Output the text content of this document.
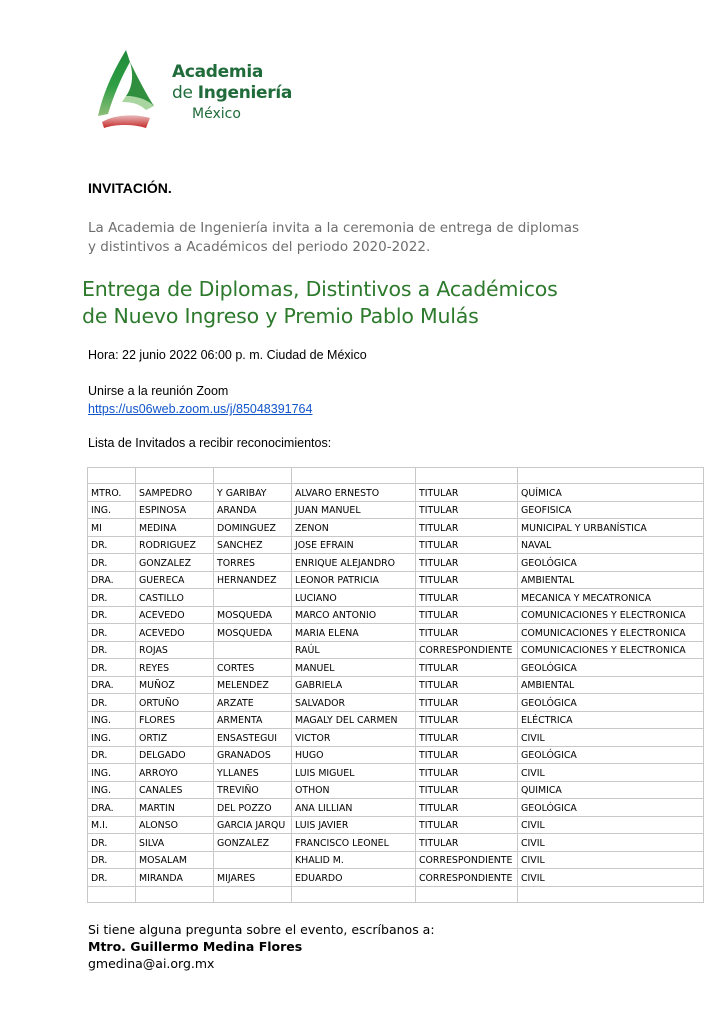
Academia
de Ingeniería
México
INVITACIÓN.
La Academia de Ingeniería invita a la ceremonia de entrega de diplomas
y distintivos a Académicos del periodo 2020-2022.
Entrega de Diplomas, Distintivos a Académicos
de Nuevo Ingreso y Premio Pablo Mulás
Hora: 22 junio 2022 06:00 p. m. Ciudad de México
Unirse a la reunión Zoom
https://us06web.zoom.us/j/85048391764
Lista de Invitados a recibir reconocimientos:

MTRO.	SAMPEDRO	Y GARIBAY	ALVARO ERNESTO	TITULAR	QUÍMICA
ING.	ESPINOSA	ARANDA	JUAN MANUEL	TITULAR	GEOFISICA
MI	MEDINA	DOMINGUEZ	ZENON	TITULAR	MUNICIPAL Y URBANÍSTICA
DR.	RODRIGUEZ	SANCHEZ	JOSE EFRAIN	TITULAR	NAVAL
DR.	GONZALEZ	TORRES	ENRIQUE ALEJANDRO	TITULAR	GEOLÓGICA
DRA.	GUERECA	HERNANDEZ	LEONOR PATRICIA	TITULAR	AMBIENTAL
DR.	CASTILLO		LUCIANO	TITULAR	MECANICA Y MECATRONICA
DR.	ACEVEDO	MOSQUEDA	MARCO ANTONIO	TITULAR	COMUNICACIONES Y ELECTRONICA
DR.	ACEVEDO	MOSQUEDA	MARIA ELENA	TITULAR	COMUNICACIONES Y ELECTRONICA
DR.	ROJAS		RAÚL	CORRESPONDIENTE	COMUNICACIONES Y ELECTRONICA
DR.	REYES	CORTES	MANUEL	TITULAR	GEOLÓGICA
DRA.	MUÑOZ	MELENDEZ	GABRIELA	TITULAR	AMBIENTAL
DR.	ORTUÑO	ARZATE	SALVADOR	TITULAR	GEOLÓGICA
ING.	FLORES	ARMENTA	MAGALY DEL CARMEN	TITULAR	ELÉCTRICA
ING.	ORTIZ	ENSASTEGUI	VICTOR	TITULAR	CIVIL
DR.	DELGADO	GRANADOS	HUGO	TITULAR	GEOLÓGICA
ING.	ARROYO	YLLANES	LUIS MIGUEL	TITULAR	CIVIL
ING.	CANALES	TREVIÑO	OTHON	TITULAR	QUIMICA
DRA.	MARTIN	DEL POZZO	ANA LILLIAN	TITULAR	GEOLÓGICA
M.I.	ALONSO	GARCIA JARQU	LUIS JAVIER	TITULAR	CIVIL
DR.	SILVA	GONZALEZ	FRANCISCO LEONEL	TITULAR	CIVIL
DR.	MOSALAM		KHALID M.	CORRESPONDIENTE	CIVIL
DR.	MIRANDA	MIJARES	EDUARDO	CORRESPONDIENTE	CIVIL

Si tiene alguna pregunta sobre el evento, escríbanos a:
Mtro. Guillermo Medina Flores
gmedina@ai.org.mx
